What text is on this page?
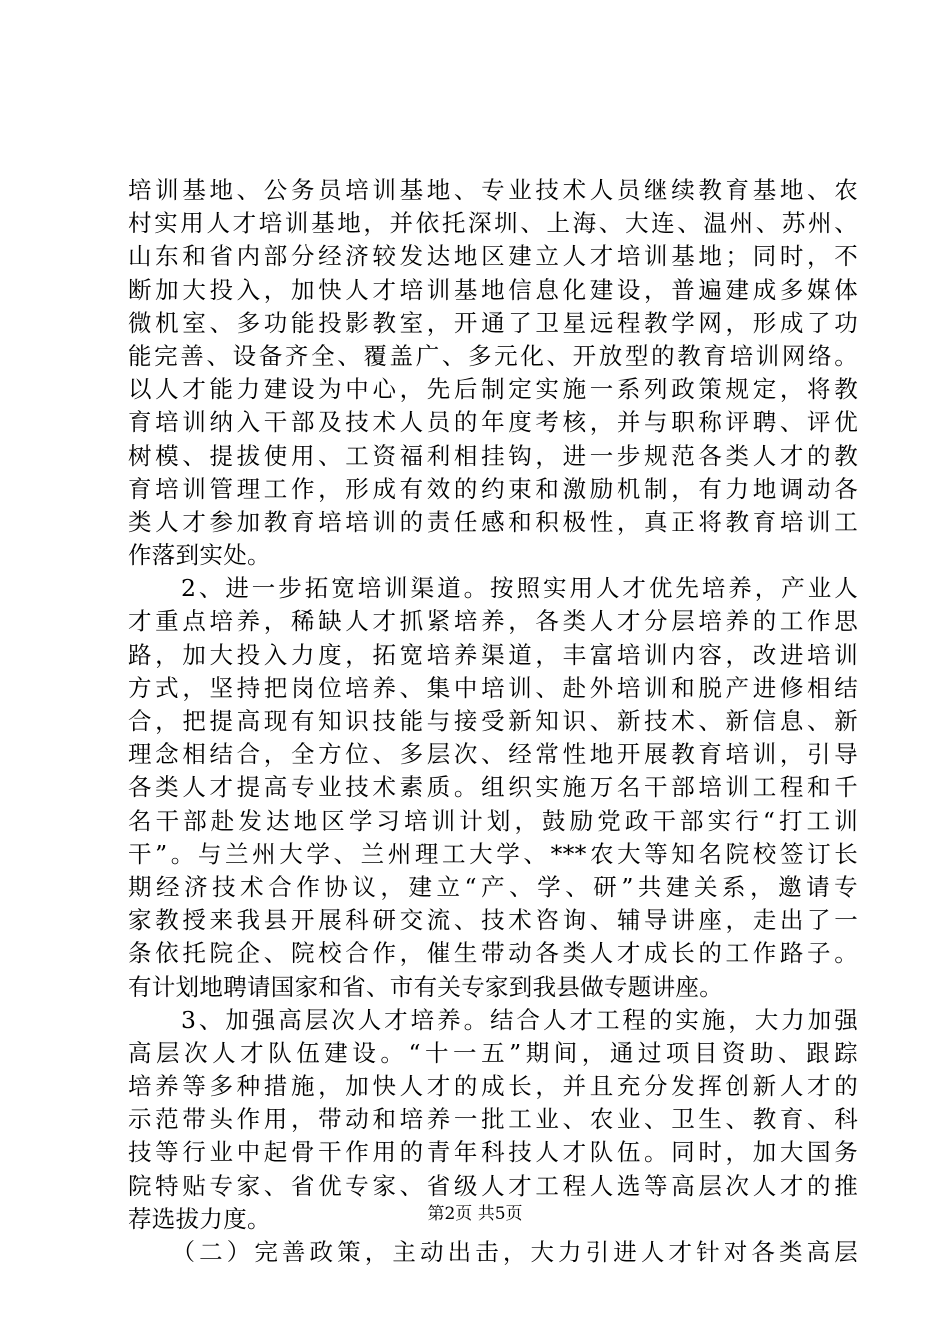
培训基地、公务员培训基地、专业技术人员继续教育基地、农
村实用人才培训基地，并依托深圳、上海、大连、温州、苏州、
山东和省内部分经济较发达地区建立人才培训基地；同时，不
断加大投入，加快人才培训基地信息化建设，普遍建成多媒体
微机室、多功能投影教室，开通了卫星远程教学网，形成了功
能完善、设备齐全、覆盖广、多元化、开放型的教育培训网络。
以人才能力建设为中心，先后制定实施一系列政策规定，将教
育培训纳入干部及技术人员的年度考核，并与职称评聘、评优
树模、提拔使用、工资福利相挂钩，进一步规范各类人才的教
育培训管理工作，形成有效的约束和激励机制，有力地调动各
类人才参加教育培培训的责任感和积极性，真正将教育培训工
作落到实处。
　　2、进一步拓宽培训渠道。按照实用人才优先培养，产业人
才重点培养，稀缺人才抓紧培养，各类人才分层培养的工作思
路，加大投入力度，拓宽培养渠道，丰富培训内容，改进培训
方式，坚持把岗位培养、集中培训、赴外培训和脱产进修相结
合，把提高现有知识技能与接受新知识、新技术、新信息、新
理念相结合，全方位、多层次、经常性地开展教育培训，引导
各类人才提高专业技术素质。组织实施万名干部培训工程和千
名干部赴发达地区学习培训计划，鼓励党政干部实行“打工训
干”。与兰州大学、兰州理工大学、***农大等知名院校签订长
期经济技术合作协议，建立“产、学、研”共建关系，邀请专
家教授来我县开展科研交流、技术咨询、辅导讲座，走出了一
条依托院企、院校合作，催生带动各类人才成长的工作路子。
有计划地聘请国家和省、市有关专家到我县做专题讲座。
　　3、加强高层次人才培养。结合人才工程的实施，大力加强
高层次人才队伍建设。“十一五”期间，通过项目资助、跟踪
培养等多种措施，加快人才的成长，并且充分发挥创新人才的
示范带头作用，带动和培养一批工业、农业、卫生、教育、科
技等行业中起骨干作用的青年科技人才队伍。同时，加大国务
院特贴专家、省优专家、省级人才工程人选等高层次人才的推
荐选拔力度。
　　（二）完善政策，主动出击，大力引进人才针对各类高层
第2页 共5页
